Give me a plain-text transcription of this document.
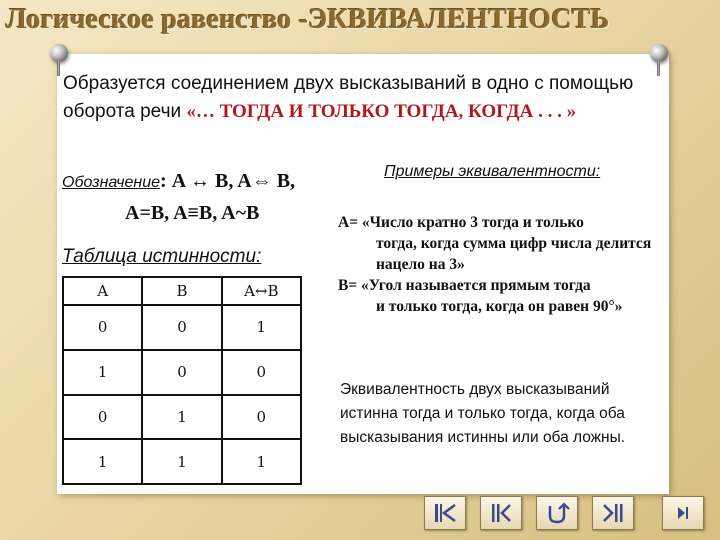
Логическое равенство -ЭКВИВАЛЕНТНОСТЬ
Образуется соединением двух высказываний в одно с помощью оборота речи «… ТОГДА И ТОЛЬКО ТОГДА, КОГДА . . . »
Обозначение: A ↔ B, A⇔ B,
A=B, A≡B, A~B
Примеры эквивалентности:
Таблица истинности:
A	B	A↔B
0	0	1
1	0	0
0	1	0
1	1	1
A= «Число кратно 3 тогда и только
тогда, когда сумма цифр числа делится нацело на 3»
B= «Угол называется прямым тогда
и только тогда, когда он равен 90°»
Эквивалентность двух высказываний истинна тогда и только тогда, когда оба высказывания истинны или оба ложны.
